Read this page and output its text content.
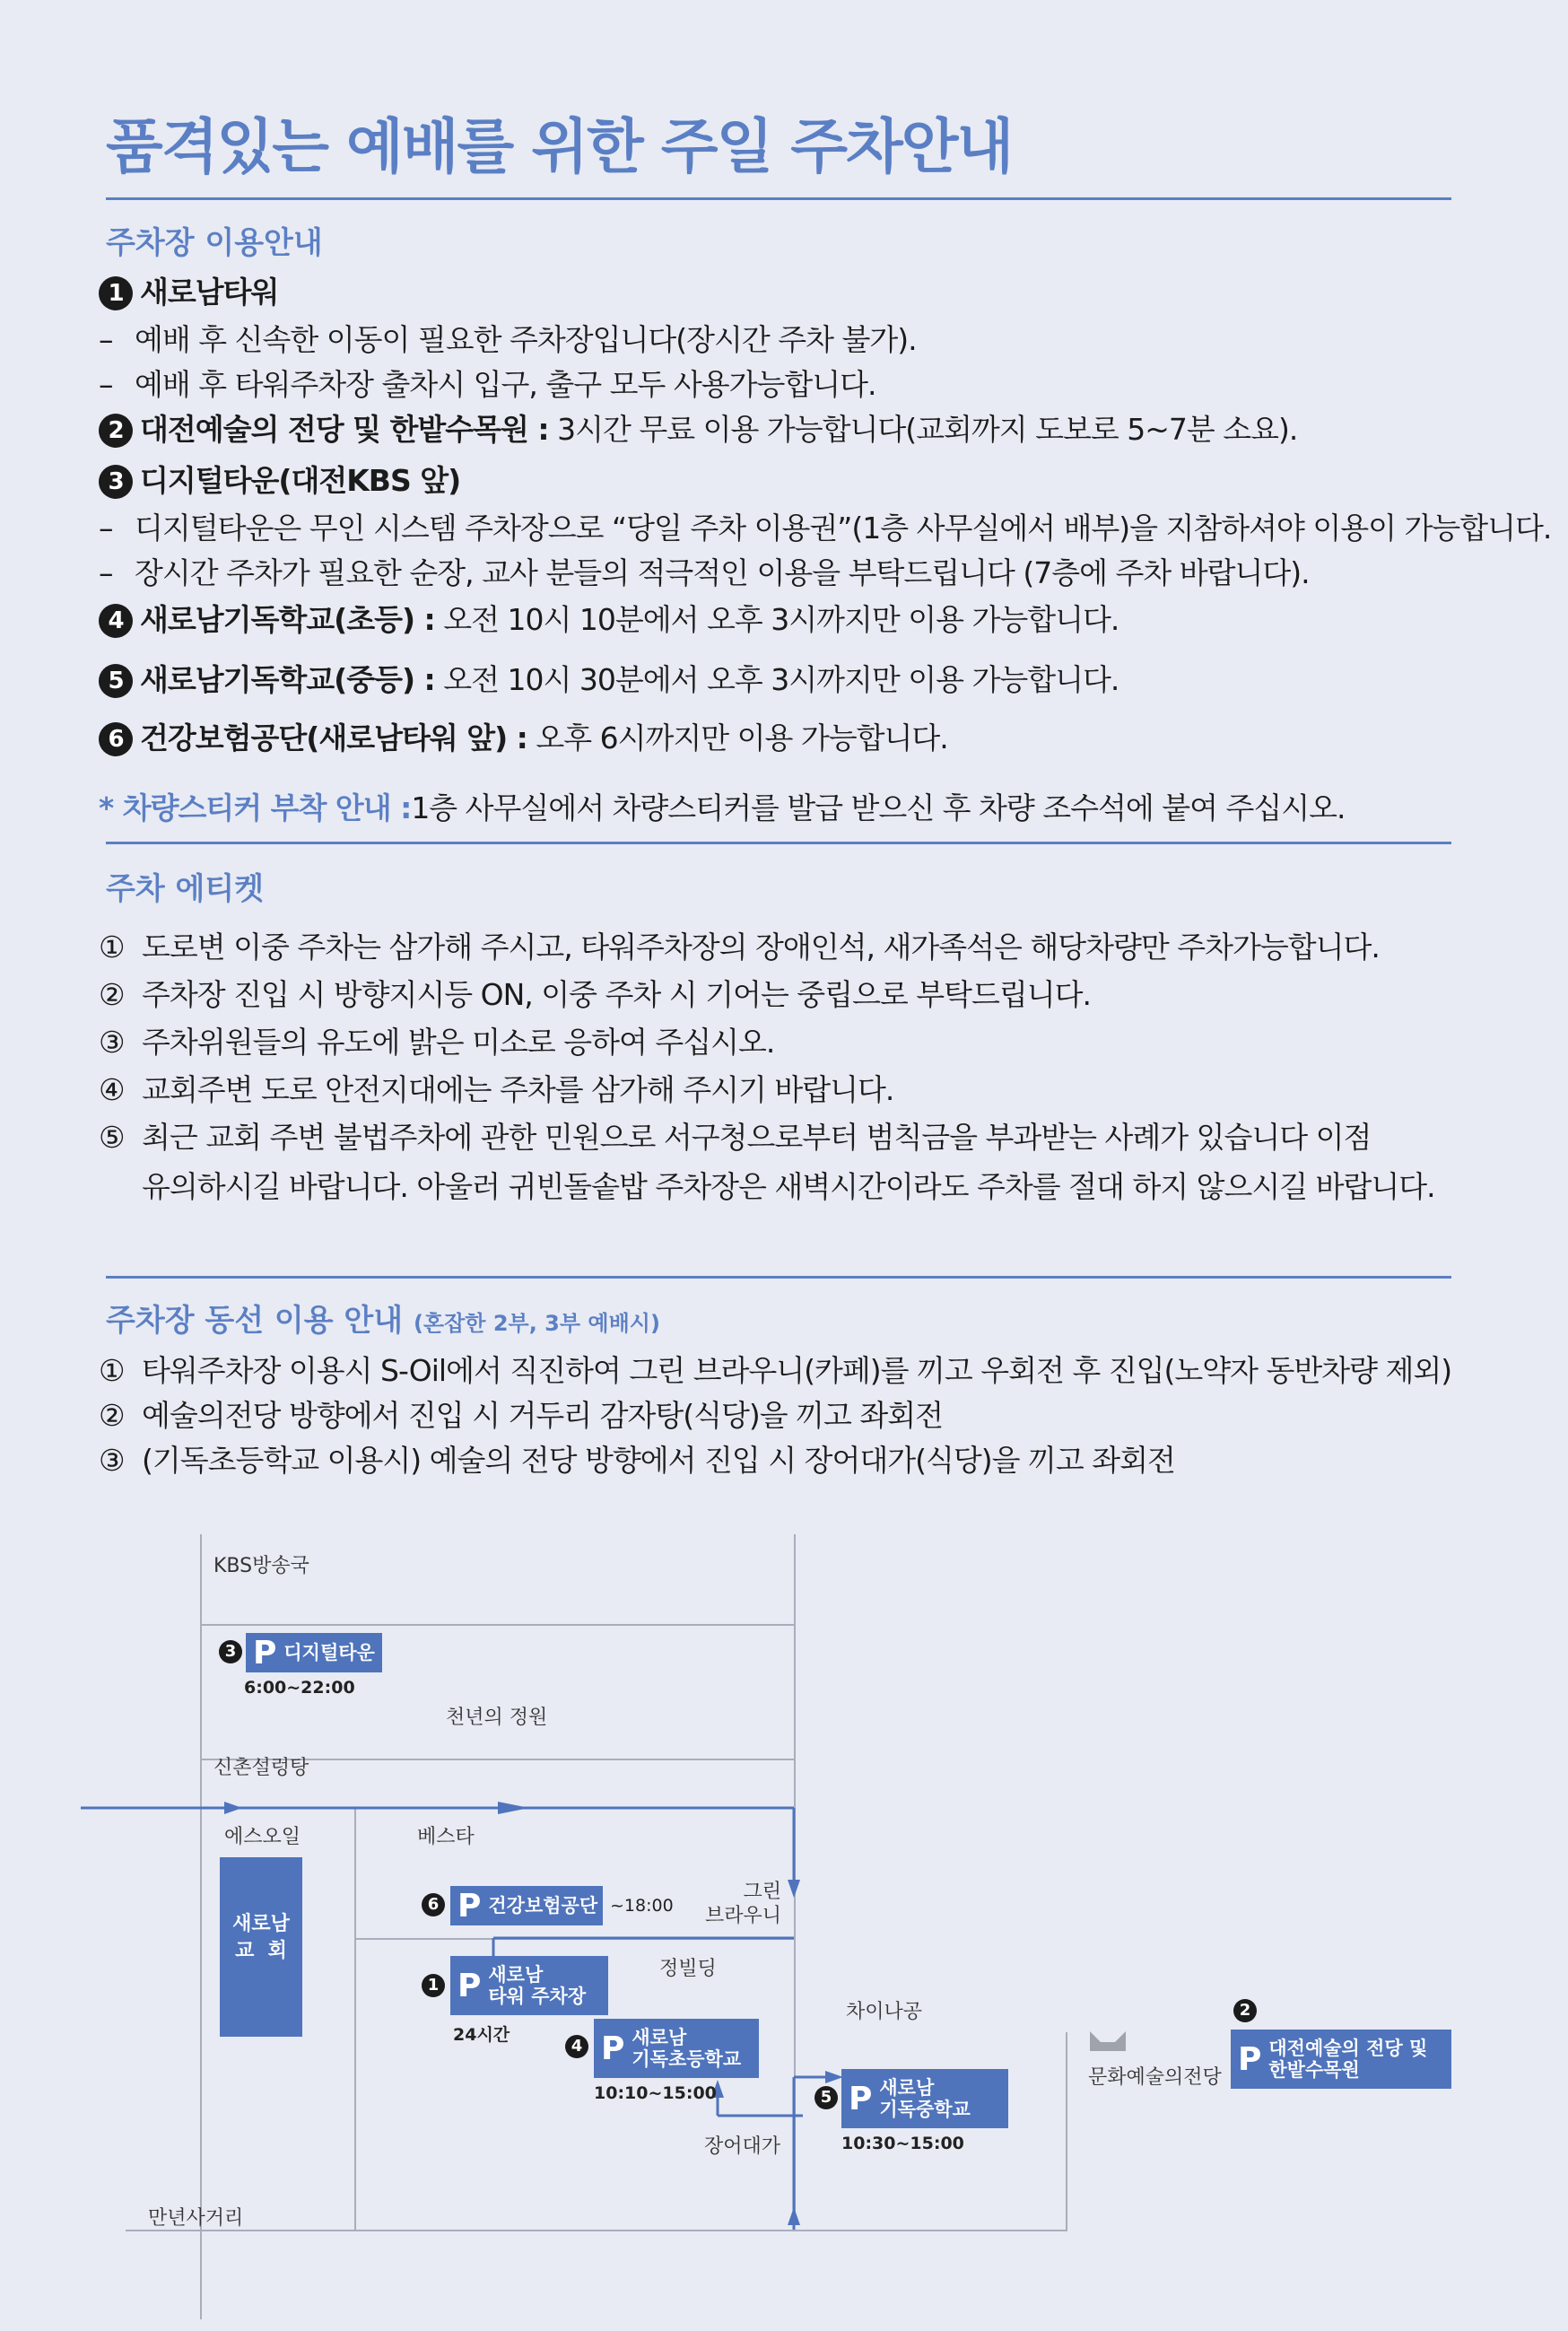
품격있는 예배를 위한 주일 주차안내
주차장 이용안내
1 새로남타워
– 예배 후 신속한 이동이 필요한 주차장입니다(장시간 주차 불가).
– 예배 후 타워주차장 출차시 입구, 출구 모두 사용가능합니다.
2 대전예술의 전당 및 한밭수목원 : 3시간 무료 이용 가능합니다(교회까지 도보로 5~7분 소요).
3 디지털타운(대전KBS 앞)
– 디지털타운은 무인 시스템 주차장으로 “당일 주차 이용권”(1층 사무실에서 배부)을 지참하셔야 이용이 가능합니다.
– 장시간 주차가 필요한 순장, 교사 분들의 적극적인 이용을 부탁드립니다 (7층에 주차 바랍니다).
4 새로남기독학교(초등) : 오전 10시 10분에서 오후 3시까지만 이용 가능합니다.
5 새로남기독학교(중등) : 오전 10시 30분에서 오후 3시까지만 이용 가능합니다.
6 건강보험공단(새로남타워 앞) : 오후 6시까지만 이용 가능합니다.
* 차량스티커 부착 안내 :1층 사무실에서 차량스티커를 발급 받으신 후 차량 조수석에 붙여 주십시오.
주차 에티켓
① 도로변 이중 주차는 삼가해 주시고, 타워주차장의 장애인석, 새가족석은 해당차량만 주차가능합니다.
② 주차장 진입 시 방향지시등 ON, 이중 주차 시 기어는 중립으로 부탁드립니다.
③ 주차위원들의 유도에 밝은 미소로 응하여 주십시오.
④ 교회주변 도로 안전지대에는 주차를 삼가해 주시기 바랍니다.
⑤ 최근 교회 주변 불법주차에 관한 민원으로 서구청으로부터 범칙금을 부과받는 사례가 있습니다 이점
유의하시길 바랍니다. 아울러 귀빈돌솥밥 주차장은 새벽시간이라도 주차를 절대 하지 않으시길 바랍니다.
주차장 동선 이용 안내 (혼잡한 2부, 3부 예배시)
① 타워주차장 이용시 S-Oil에서 직진하여 그린 브라우니(카페)를 끼고 우회전 후 진입(노약자 동반차량 제외)
② 예술의전당 방향에서 진입 시 거두리 감자탕(식당)을 끼고 좌회전
③ (기독초등학교 이용시) 예술의 전당 방향에서 진입 시 장어대가(식당)을 끼고 좌회전
KBS방송국
천년의 정원
신촌설렁탕
에스오일	베스타
그린
브라우니
정빌딩
차이나공
문화예술의전당
장어대가
만년사거리
새로남
교  회
3 P 디지털타운
6:00~22:00
6 P 건강보험공단 ~18:00
1 P 새로남
타워 주차장
24시간
4 P 새로남
기독초등학교
10:10~15:00	5 P 새로남
기독중학교
10:30~15:00
2
P 대전예술의 전당 및
한밭수목원
